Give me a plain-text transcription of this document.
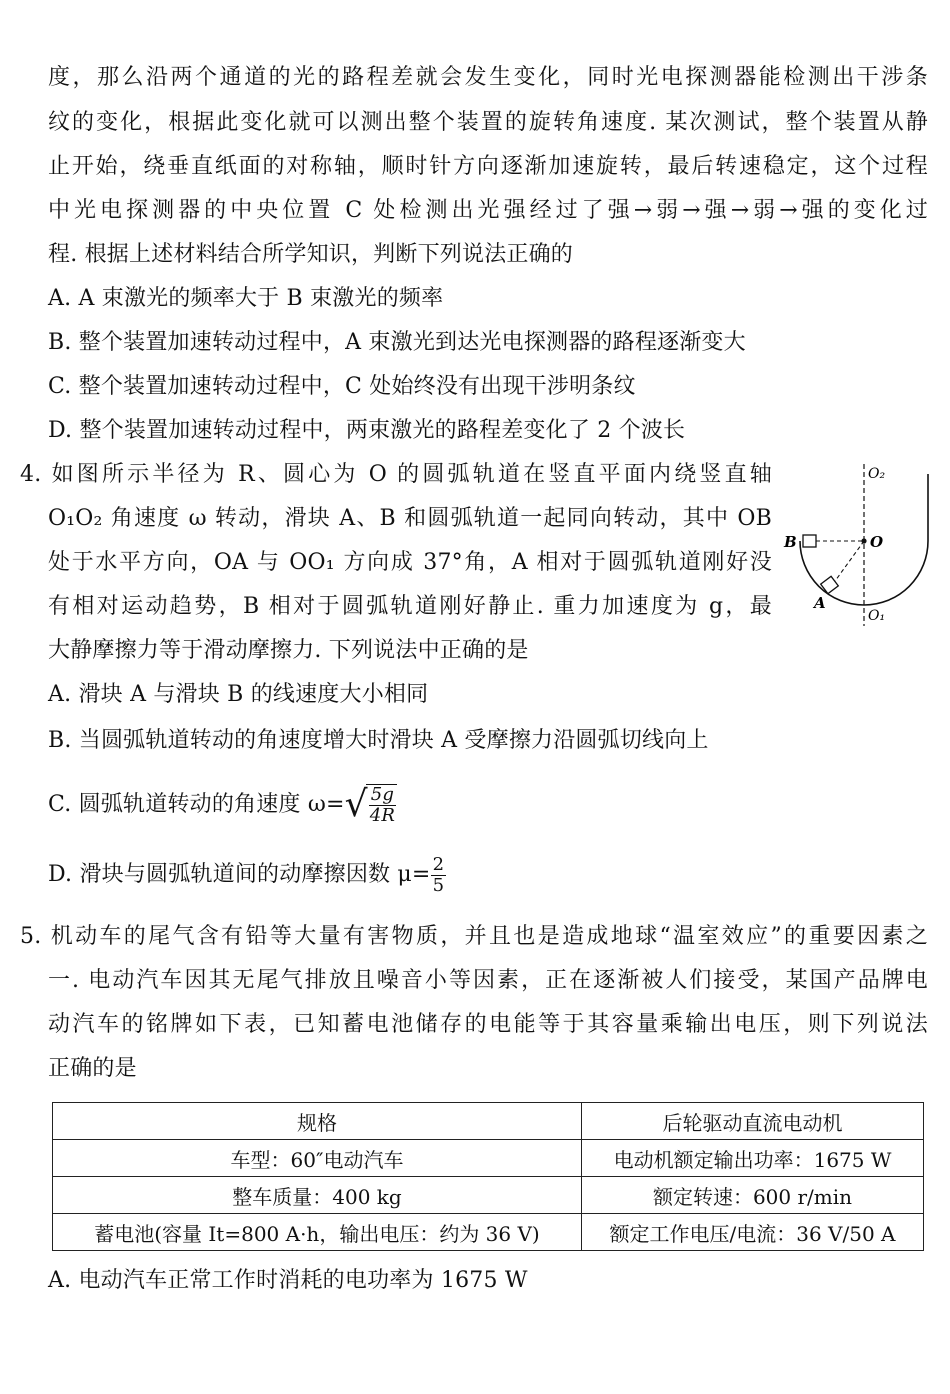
度，那么沿两个通道的光的路程差就会发生变化，同时光电探测器能检测出干涉条
纹的变化，根据此变化就可以测出整个装置的旋转角速度. 某次测试，整个装置从静
止开始，绕垂直纸面的对称轴，顺时针方向逐渐加速旋转，最后转速稳定，这个过程
中光电探测器的中央位置 C 处检测出光强经过了强→弱→强→弱→强的变化过
程. 根据上述材料结合所学知识，判断下列说法正确的
A. A 束激光的频率大于 B 束激光的频率
B. 整个装置加速转动过程中，A 束激光到达光电探测器的路程逐渐变大
C. 整个装置加速转动过程中，C 处始终没有出现干涉明条纹
D. 整个装置加速转动过程中，两束激光的路程差变化了 2 个波长
4. 如图所示半径为 R、圆心为 O 的圆弧轨道在竖直平面内绕竖直轴
O₁O₂ 角速度 ω 转动，滑块 A、B 和圆弧轨道一起同向转动，其中 OB
处于水平方向，OA 与 OO₁ 方向成 37°角，A 相对于圆弧轨道刚好没
有相对运动趋势，B 相对于圆弧轨道刚好静止. 重力加速度为 g，最
大静摩擦力等于滑动摩擦力. 下列说法中正确的是
A. 滑块 A 与滑块 B 的线速度大小相同
B. 当圆弧轨道转动的角速度增大时滑块 A 受摩擦力沿圆弧切线向上
C. 圆弧轨道转动的角速度 ω= √ $\frac{5g}{4R}$
D. 滑块与圆弧轨道间的动摩擦因数 $\mu= \frac{2}{5}$
O₂
O
B
A
O₁
5. 机动车的尾气含有铅等大量有害物质，并且也是造成地球“温室效应”的重要因素之
一. 电动汽车因其无尾气排放且噪音小等因素，正在逐渐被人们接受，某国产品牌电
动汽车的铭牌如下表，已知蓄电池储存的电能等于其容量乘输出电压，则下列说法
正确的是
规格	后轮驱动直流电动机
车型：60″电动汽车	电动机额定输出功率：1675 W
整车质量：400 kg	额定转速：600 r/min
蓄电池(容量 It=800 A·h，输出电压：约为 36 V)	额定工作电压/电流：36 V/50 A
A. 电动汽车正常工作时消耗的电功率为 1675 W
